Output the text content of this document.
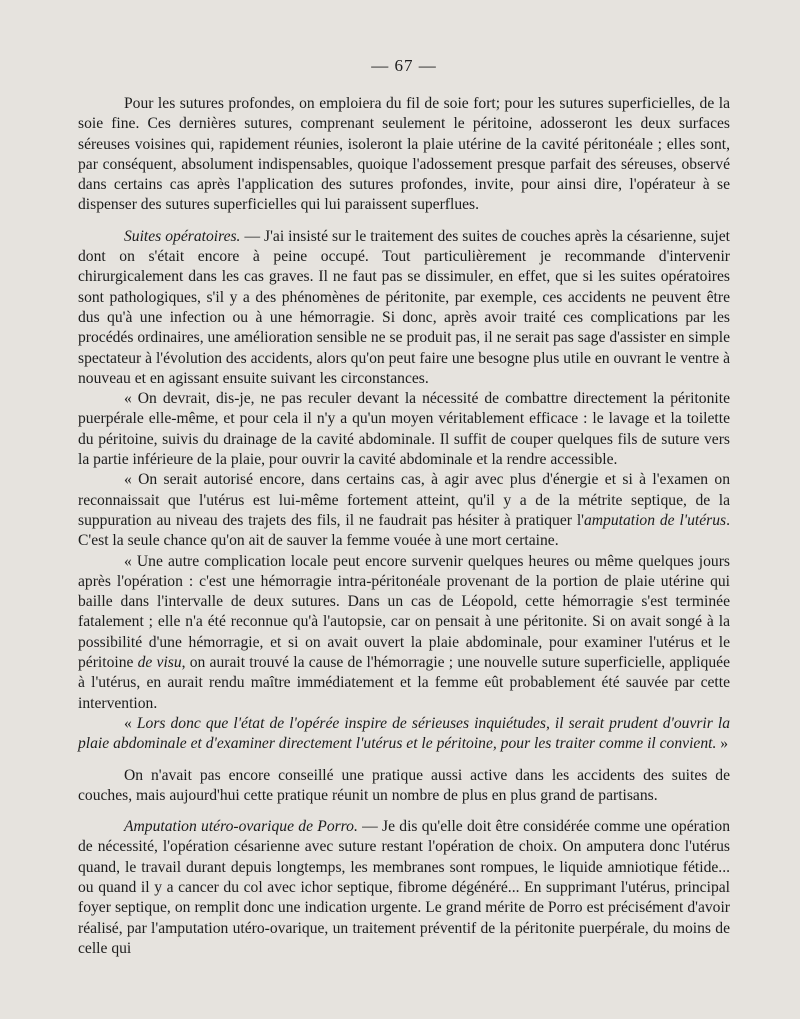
— 67 —

Pour les sutures profondes, on emploiera du fil de soie fort; pour les sutures superficielles, de la soie fine. Ces dernières sutures, comprenant seulement le péritoine, adosseront les deux surfaces séreuses voisines qui, rapidement réunies, isoleront la plaie utérine de la cavité péritonéale ; elles sont, par conséquent, absolument indispensables, quoique l'adossement presque parfait des séreuses, observé dans certains cas après l'application des sutures profondes, invite, pour ainsi dire, l'opérateur à se dispenser des sutures superficielles qui lui paraissent superflues.

Suites opératoires. — J'ai insisté sur le traitement des suites de couches après la césarienne, sujet dont on s'était encore à peine occupé. Tout particulièrement je recommande d'intervenir chirurgicalement dans les cas graves. Il ne faut pas se dissimuler, en effet, que si les suites opératoires sont pathologiques, s'il y a des phénomènes de péritonite, par exemple, ces accidents ne peuvent être dus qu'à une infection ou à une hémorragie. Si donc, après avoir traité ces complications par les procédés ordinaires, une amélioration sensible ne se produit pas, il ne serait pas sage d'assister en simple spectateur à l'évolution des accidents, alors qu'on peut faire une besogne plus utile en ouvrant le ventre à nouveau et en agissant ensuite suivant les circonstances.

« On devrait, dis-je, ne pas reculer devant la nécessité de combattre directement la péritonite puerpérale elle-même, et pour cela il n'y a qu'un moyen véritablement efficace : le lavage et la toilette du péritoine, suivis du drainage de la cavité abdominale. Il suffit de couper quelques fils de suture vers la partie inférieure de la plaie, pour ouvrir la cavité abdominale et la rendre accessible.

« On serait autorisé encore, dans certains cas, à agir avec plus d'énergie et si à l'examen on reconnaissait que l'utérus est lui-même fortement atteint, qu'il y a de la métrite septique, de la suppuration au niveau des trajets des fils, il ne faudrait pas hésiter à pratiquer l'amputation de l'utérus. C'est la seule chance qu'on ait de sauver la femme vouée à une mort certaine.

« Une autre complication locale peut encore survenir quelques heures ou même quelques jours après l'opération : c'est une hémorragie intra-péritonéale provenant de la portion de plaie utérine qui baille dans l'intervalle de deux sutures. Dans un cas de Léopold, cette hémorragie s'est terminée fatalement ; elle n'a été reconnue qu'à l'autopsie, car on pensait à une péritonite. Si on avait songé à la possibilité d'une hémorragie, et si on avait ouvert la plaie abdominale, pour examiner l'utérus et le péritoine de visu, on aurait trouvé la cause de l'hémorragie ; une nouvelle suture superficielle, appliquée à l'utérus, en aurait rendu maître immédiatement et la femme eût probablement été sauvée par cette intervention.

« Lors donc que l'état de l'opérée inspire de sérieuses inquiétudes, il serait prudent d'ouvrir la plaie abdominale et d'examiner directement l'utérus et le péritoine, pour les traiter comme il convient. »

On n'avait pas encore conseillé une pratique aussi active dans les accidents des suites de couches, mais aujourd'hui cette pratique réunit un nombre de plus en plus grand de partisans.

Amputation utéro-ovarique de Porro. — Je dis qu'elle doit être considérée comme une opération de nécessité, l'opération césarienne avec suture restant l'opération de choix. On amputera donc l'utérus quand, le travail durant depuis longtemps, les membranes sont rompues, le liquide amniotique fétide... ou quand il y a cancer du col avec ichor septique, fibrome dégénéré... En supprimant l'utérus, principal foyer septique, on remplit donc une indication urgente. Le grand mérite de Porro est précisément d'avoir réalisé, par l'amputation utéro-ovarique, un traitement préventif de la péritonite puerpérale, du moins de celle qui
